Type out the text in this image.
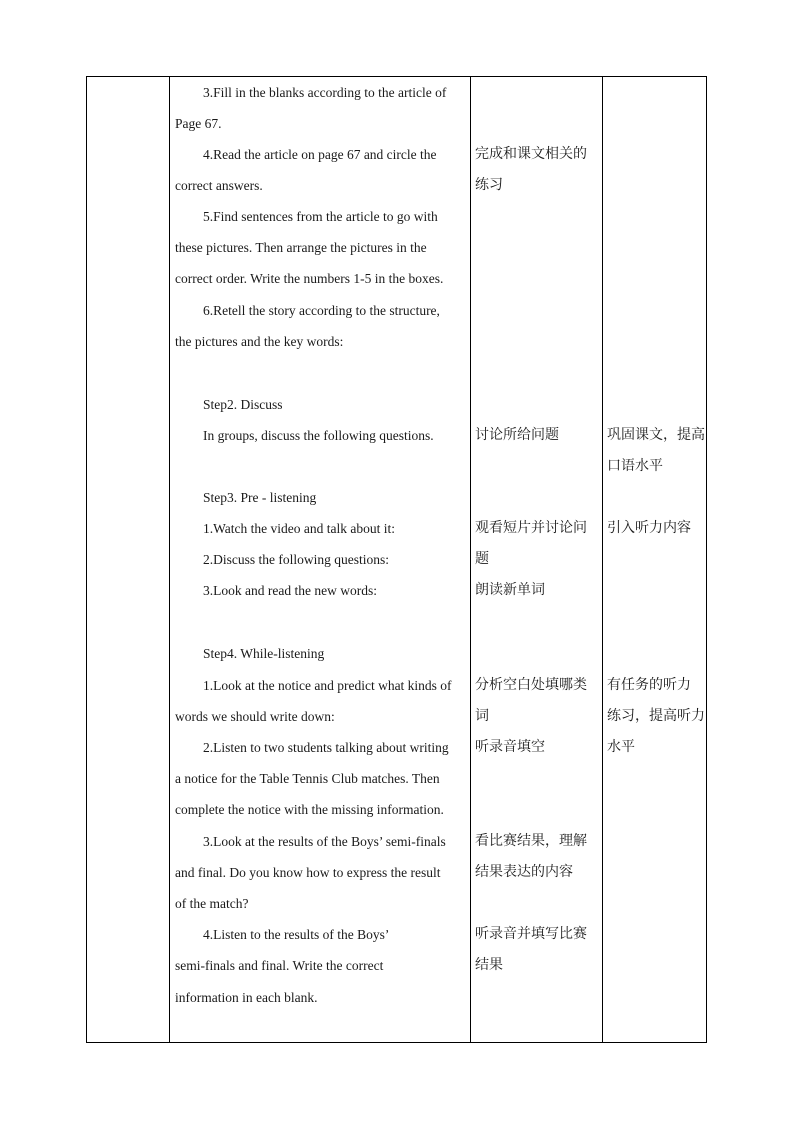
3.Fill in the blanks according to the article of
Page 67.
4.Read the article on page 67 and circle the
correct answers.
5.Find sentences from the article to go with
these pictures. Then arrange the pictures in the
correct order. Write the numbers 1-5 in the boxes.
6.Retell the story according to the structure,
the pictures and the key words:
Step2. Discuss
In groups, discuss the following questions.
Step3. Pre - listening
1.Watch the video and talk about it:
2.Discuss the following questions:
3.Look and read the new words:
Step4. While-listening
1.Look at the notice and predict what kinds of
words we should write down:
2.Listen to two students talking about writing
a notice for the Table Tennis Club matches. Then
complete the notice with the missing information.
3.Look at the results of the Boys’ semi-finals
and final. Do you know how to express the result
of the match?
4.Listen to the results of the Boys’
semi-finals and final. Write the correct
information in each blank.
完成和课文相关的
练习
讨论所给问题
观看短片并讨论问
题
朗读新单词
分析空白处填哪类
词
听录音填空
看比赛结果，理解
结果表达的内容
听录音并填写比赛
结果
巩固课文，提高
口语水平
引入听力内容
有任务的听力
练习，提高听力
水平
